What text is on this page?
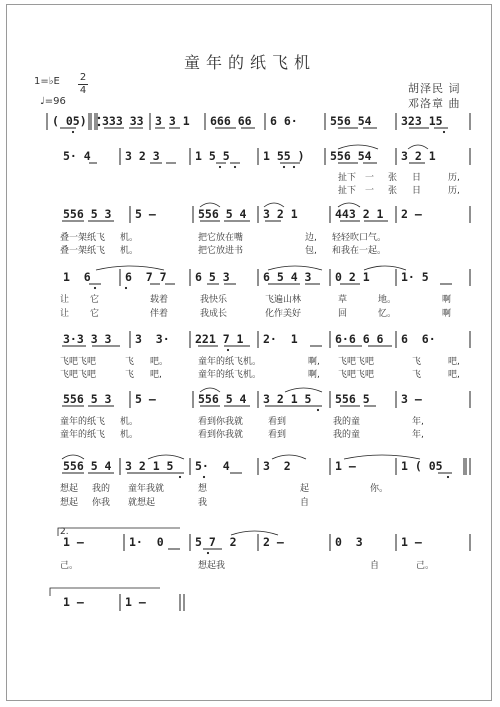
童年的纸飞机
1=♭E 2
4
♩=96
胡泽民 词
邓洛章 曲
( 05) 333 33 3 3 1 666 66 6 6·	556 54	323 15
5· 4	3 2 3	1 5 5	1 55 ) 556 54	3 2 1
扯下 一 张 日	历,
扯下 一 张 日	历,
556 5 3 5 –	556 5 4 3 2 1	443 2 1 2 –
叠一架纸飞 机。	把它放在嘴	边, 轻轻吹口气。
叠一架纸飞 机。	把它放进书	包, 和我在一起。
1  6	6  7 7 6 5 3	6 5 4 3 0 2 1	1· 5
让 它	载着	我快乐	飞遍山林	草	地。	啊
让 它	伴着	我成长	化作美好	回	忆。	啊
3·3 3 3 3  3· 221 7 1 2·  1	6·6 6 6 6  6·
飞吧飞吧	飞 吧。	童年的纸飞机。	啊, 飞吧飞吧	飞	吧,
飞吧飞吧	飞 吧,	童年的纸飞机。	啊, 飞吧飞吧	飞	吧,
556 5 3 5 –	556 5 4 3 2 1 5 556 5	3 –
童年的纸飞 机。	看到你我就	看到	我的童	年,
童年的纸飞 机。	看到你我就	看到	我的童	年,
556 5 4 3 2 1 5 5·  4	3  2	1 –	1 ( 05
想起 我的 童年我就	想	起	你。
想起 你我 就想起	我	自
2.
1 –	1·  0	5 7  2 2 –	0  3	1 –
己。	想起我	自	己。
1 –	1 –
